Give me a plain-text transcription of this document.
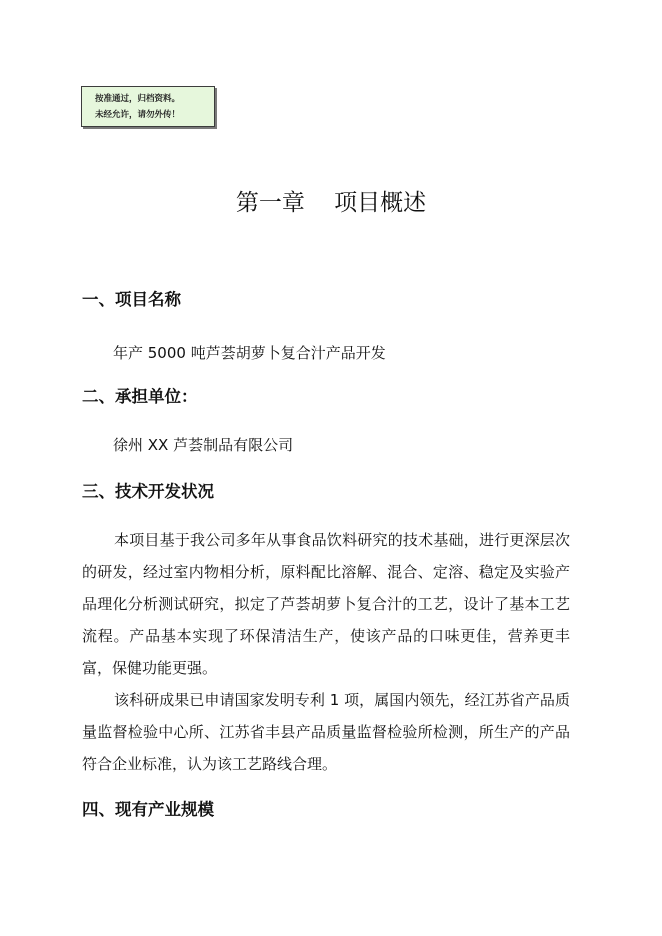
按准通过，归档资料。
未经允许，请勿外传！
第一章    项目概述
一、项目名称

年产 5000 吨芦荟胡萝卜复合汁产品开发

二、承担单位：

徐州 XX 芦荟制品有限公司

三、技术开发状况

本项目基于我公司多年从事食品饮料研究的技术基础，进行更深层次的研发，经过室内物相分析，原料配比溶解、混合、定溶、稳定及实验产品理化分析测试研究，拟定了芦荟胡萝卜复合汁的工艺，设计了基本工艺流程。产品基本实现了环保清洁生产，使该产品的口味更佳，营养更丰富，保健功能更强。

该科研成果已申请国家发明专利 1 项，属国内领先，经江苏省产品质量监督检验中心所、江苏省丰县产品质量监督检验所检测，所生产的产品符合企业标准，认为该工艺路线合理。

四、现有产业规模
